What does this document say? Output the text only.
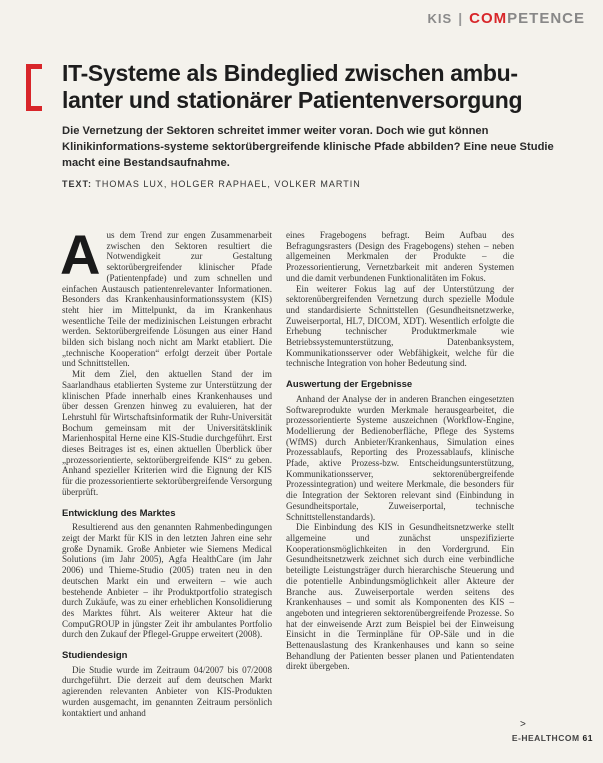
KIS | COMPETENCE
IT-Systeme als Bindeglied zwischen ambu-
lanter und stationärer Patientenversorgung
Die Vernetzung der Sektoren schreitet immer weiter voran. Doch wie gut können Klinikinformations-systeme sektorübergreifende klinische Pfade abbilden? Eine neue Studie macht eine Bestandsaufnahme.
TEXT: THOMAS LUX, HOLGER RAPHAEL, VOLKER MARTIN

Aus dem Trend zur engen Zusammenarbeit zwischen den Sektoren resultiert die Notwendigkeit zur Gestaltung sektorübergreifender klinischer Pfade (Patientenpfade) und zum schnellen und einfachen Austausch patientenrelevanter Informationen. Besonders das Krankenhausinformationssystem (KIS) steht hier im Mittelpunkt, da im Krankenhaus wesentliche Teile der medizinischen Leistungen erbracht werden. Sektorübergreifende Lösungen aus einer Hand bilden sich bislang noch nicht am Markt etabliert. Die „technische Kooperation“ erfolgt derzeit über Portale und Schnittstellen.

Mit dem Ziel, den aktuellen Stand der im Saarlandhaus etablierten Systeme zur Unterstützung der klinischen Pfade innerhalb eines Krankenhauses und über dessen Grenzen hinweg zu evaluieren, hat der Lehrstuhl für Wirtschaftsinformatik der Ruhr-Universität Bochum gemeinsam mit der Universitätsklinik Marienhospital Herne eine KIS-Studie durchgeführt. Erst dieses Beitrages ist es, einen aktuellen Überblick über „prozessorientierte, sektorübergreifende KIS“ zu geben. Anhand spezieller Kriterien wird die Eignung der KIS für die prozessorientierte sektorübergreifende Versorgung überprüft.

Entwicklung des Marktes

Resultierend aus den genannten Rahmenbedingungen zeigt der Markt für KIS in den letzten Jahren eine sehr große Dynamik. Große Anbieter wie Siemens Medical Solutions (im Jahr 2005), Agfa HealthCare (im Jahr 2006) und Thieme-Studio (2005) traten neu in den deutschen Markt ein und erweitern – wie auch bestehende Anbieter – ihr Produktportfolio strategisch durch Zukäufe, was zu einer erheblichen Konsolidierung des Marktes führt. Als weiterer Akteur hat die CompuGROUP in jüngster Zeit ihr ambulantes Portfolio durch den Zukauf der Pflegel-Gruppe erweitert (2008).

Studiendesign

Die Studie wurde im Zeitraum 04/2007 bis 07/2008 durchgeführt. Die derzeit auf dem deutschen Markt agierenden relevanten Anbieter von KIS-Produkten wurden ausgemacht, im genannten Zeitraum persönlich kontaktiert und anhand

eines Fragebogens befragt. Beim Aufbau des Befragungsrasters (Design des Fragebogens) stehen – neben allgemeinen Merkmalen der Produkte – die Prozessorientierung, Vernetzbarkeit mit anderen Systemen und die damit verbundenen Funktionalitäten im Fokus.

Ein weiterer Fokus lag auf der Unterstützung der sektorenübergreifenden Vernetzung durch spezielle Module und standardisierte Schnittstellen (Gesundheitsnetzwerke, Zuweiserportal, HL7, DICOM, XDT). Wesentlich erfolgte die Erhebung technischer Produktmerkmale wie Betriebssystemunterstützung, Datenbanksystem, Kommunikationsserver oder Webfähigkeit, welche für die technische Integration von hoher Bedeutung sind.

Auswertung der Ergebnisse

Anhand der Analyse der in anderen Branchen eingesetzten Softwareprodukte wurden Merkmale herausgearbeitet, die prozessorientierte Systeme auszeichnen (Workflow-Engine, Modellierung der Bedienoberfläche, Pflege des Systems (WfMS) durch Anbieter/Krankenhaus, Simulation eines Prozessablaufs, Reporting des Prozessablaufs, klinische Pfade, aktive Prozess-bzw. Entscheidungsunterstützung, Kommunikationsserver, sektorenübergreifende Prozessintegration) und weitere Merkmale, die besonders für die Integration der Sektoren relevant sind (Einbindung in Gesundheitsportale, Zuweiserportal, technische Schnittstellenstandards).

Die Einbindung des KIS in Gesundheitsnetzwerke stellt allgemeine und zunächst unspezifizierte Kooperationsmöglichkeiten in den Vordergrund. Ein Gesundheitsnetzwerk zeichnet sich durch eine verbindliche beteiligte Leistungsträger durch hierarchische Steuerung und die potentielle Anbindungsmöglichkeit aller Akteure der Branche aus. Zuweiserportale werden seitens des Krankenhauses – und somit als Komponenten des KIS – angeboten und integrieren sektorenübergreifende Prozesse. So hat der einweisende Arzt zum Beispiel bei der Einweisung Einsicht in die Terminpläne für OP-Säle und in die Bettenauslastung des Krankenhauses und kann so seine Behandlung der Patienten besser planen und Patientendaten direkt übergeben.

>
E-HEALTHCOM 61
